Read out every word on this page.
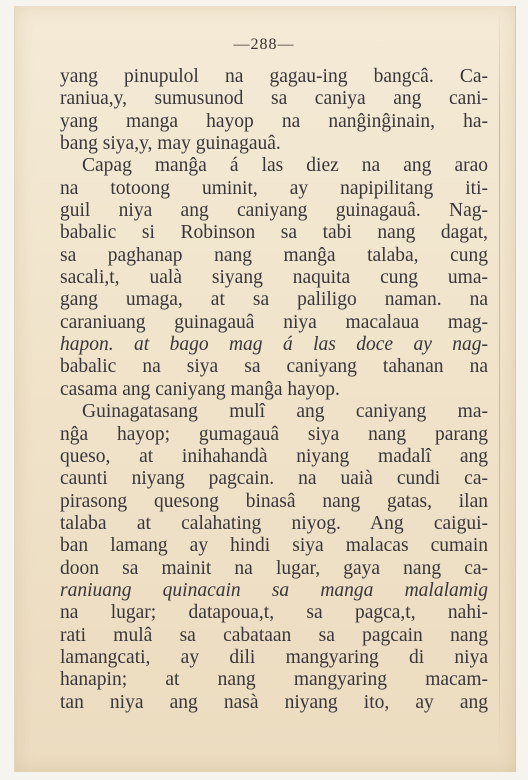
—288—
yang pinupulol na gagau-ing bangcâ. Ca-
raniua,y, sumusunod sa caniya ang cani-
yang manga hayop na nanĝinĝinain, ha-
bang siya,y, may guinagauâ.
Capag manĝa á las diez na ang arao
na totoong uminit, ay napipilitang iti-
guil niya ang caniyang guinagauâ. Nag-
babalic si Robinson sa tabi nang dagat,
sa paghanap nang manĝa talaba, cung
sacali,t, ualà siyang naquita cung uma-
gang umaga, at sa paliligo naman. na
caraniuang guinagauâ niya macalaua mag-
hapon. at bago mag á las doce ay nag-
babalic na siya sa caniyang tahanan na
casama ang caniyang manĝa hayop.
Guinagatasang mulî ang caniyang ma-
nĝa hayop; gumagauâ siya nang parang
queso, at inihahandà niyang madalî ang
caunti niyang pagcain. na uaià cundi ca-
pirasong quesong binasâ nang gatas, ilan
talaba at calahating niyog. Ang caigui-
ban lamang ay hindi siya malacas cumain
doon sa mainit na lugar, gaya nang ca-
raniuang quinacain sa manga malalamig
na lugar; datapoua,t, sa pagca,t, nahi-
rati mulâ sa cabataan sa pagcain nang
lamangcati, ay dili mangyaring di niya
hanapin; at nang mangyaring macam-
tan niya ang nasà niyang ito, ay ang
